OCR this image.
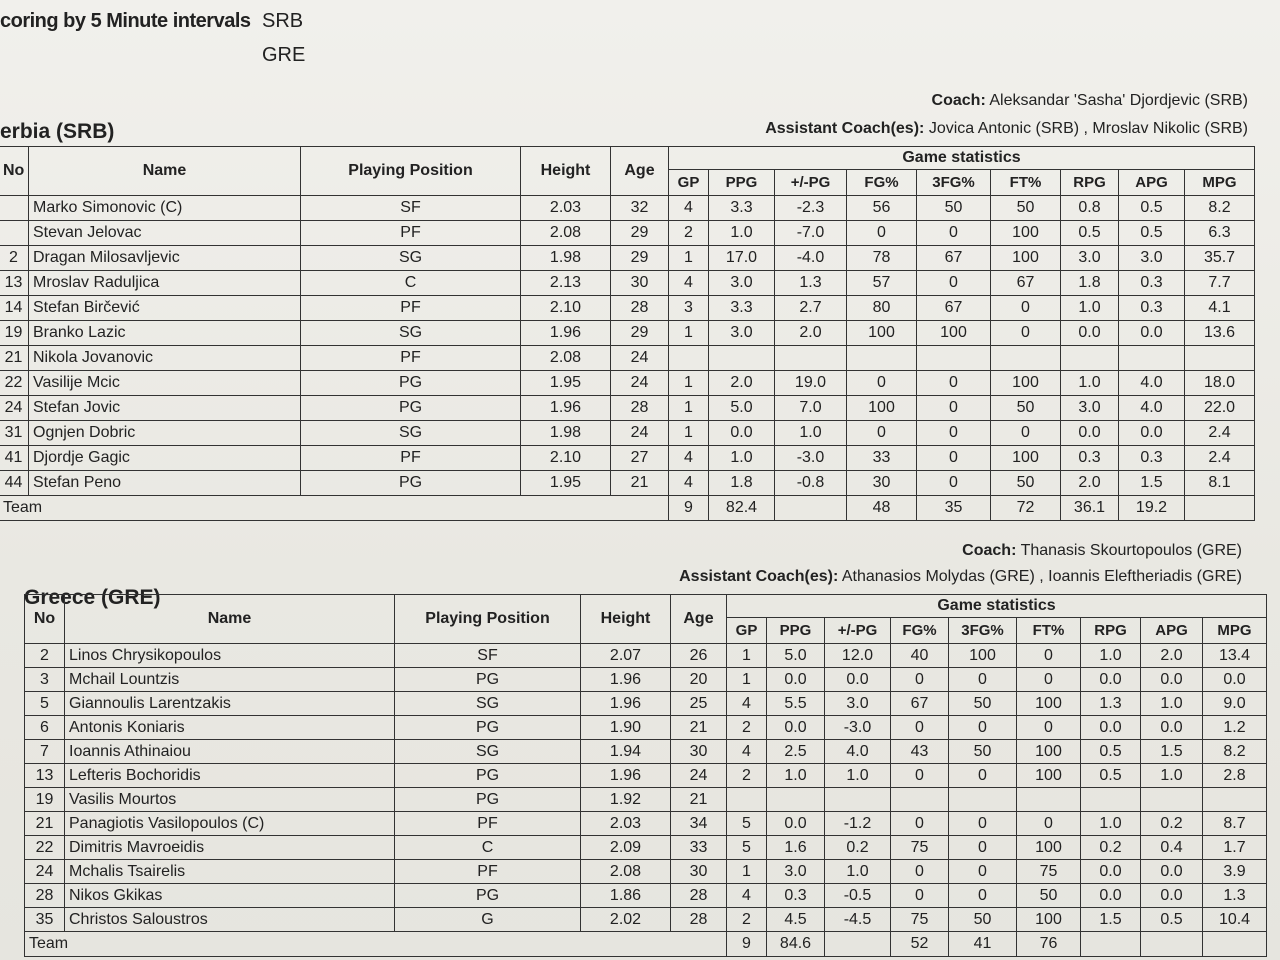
coring by 5 Minute intervals SRB
GRE
Coach: Aleksandar 'Sasha' Djordjevic (SRB)
erbia (SRB)	Assistant Coach(es): Jovica Antonic (SRB) , Mroslav Nikolic (SRB)
No	Name	Playing Position	Height	Age	Game statistics								
					GP	PPG	+/-PG	FG%	3FG%	FT%	RPG	APG	MPG
	Marko Simonovic (C)	SF	2.03	32	4	3.3	-2.3	56	50	50	0.8	0.5	8.2
	Stevan Jelovac	PF	2.08	29	2	1.0	-7.0	0	0	100	0.5	0.5	6.3
2	Dragan Milosavljevic	SG	1.98	29	1	17.0	-4.0	78	67	100	3.0	3.0	35.7
13	Mroslav Raduljica	C	2.13	30	4	3.0	1.3	57	0	67	1.8	0.3	7.7
14	Stefan Birčević	PF	2.10	28	3	3.3	2.7	80	67	0	1.0	0.3	4.1
19	Branko Lazic	SG	1.96	29	1	3.0	2.0	100	100	0	0.0	0.0	13.6
21	Nikola Jovanovic	PF	2.08	24									
22	Vasilije Mcic	PG	1.95	24	1	2.0	19.0	0	0	100	1.0	4.0	18.0
24	Stefan Jovic	PG	1.96	28	1	5.0	7.0	100	0	50	3.0	4.0	22.0
31	Ognjen Dobric	SG	1.98	24	1	0.0	1.0	0	0	0	0.0	0.0	2.4
41	Djordje Gagic	PF	2.10	27	4	1.0	-3.0	33	0	100	0.3	0.3	2.4
44	Stefan Peno	PG	1.95	21	4	1.8	-0.8	30	0	50	2.0	1.5	8.1
Team					9	82.4		48	35	72	36.1	19.2	
Coach: Thanasis Skourtopoulos (GRE)
Assistant Coach(es): Athanasios Molydas (GRE) , Ioannis Eleftheriadis (GRE)
Greece (GRE)
No	Name	Playing Position	Height	Age	Game statistics								
					GP	PPG	+/-PG	FG%	3FG%	FT%	RPG	APG	MPG
2	Linos Chrysikopoulos	SF	2.07	26	1	5.0	12.0	40	100	0	1.0	2.0	13.4
3	Mchail Lountzis	PG	1.96	20	1	0.0	0.0	0	0	0	0.0	0.0	0.0
5	Giannoulis Larentzakis	SG	1.96	25	4	5.5	3.0	67	50	100	1.3	1.0	9.0
6	Antonis Koniaris	PG	1.90	21	2	0.0	-3.0	0	0	0	0.0	0.0	1.2
7	Ioannis Athinaiou	SG	1.94	30	4	2.5	4.0	43	50	100	0.5	1.5	8.2
13	Lefteris Bochoridis	PG	1.96	24	2	1.0	1.0	0	0	100	0.5	1.0	2.8
19	Vasilis Mourtos	PG	1.92	21									
21	Panagiotis Vasilopoulos (C)	PF	2.03	34	5	0.0	-1.2	0	0	0	1.0	0.2	8.7
22	Dimitris Mavroeidis	C	2.09	33	5	1.6	0.2	75	0	100	0.2	0.4	1.7
24	Mchalis Tsairelis	PF	2.08	30	1	3.0	1.0	0	0	75	0.0	0.0	3.9
28	Nikos Gkikas	PG	1.86	28	4	0.3	-0.5	0	0	50	0.0	0.0	1.3
35	Christos Saloustros	G	2.02	28	2	4.5	-4.5	75	50	100	1.5	0.5	10.4
Team					9	84.6		52	41	76			
